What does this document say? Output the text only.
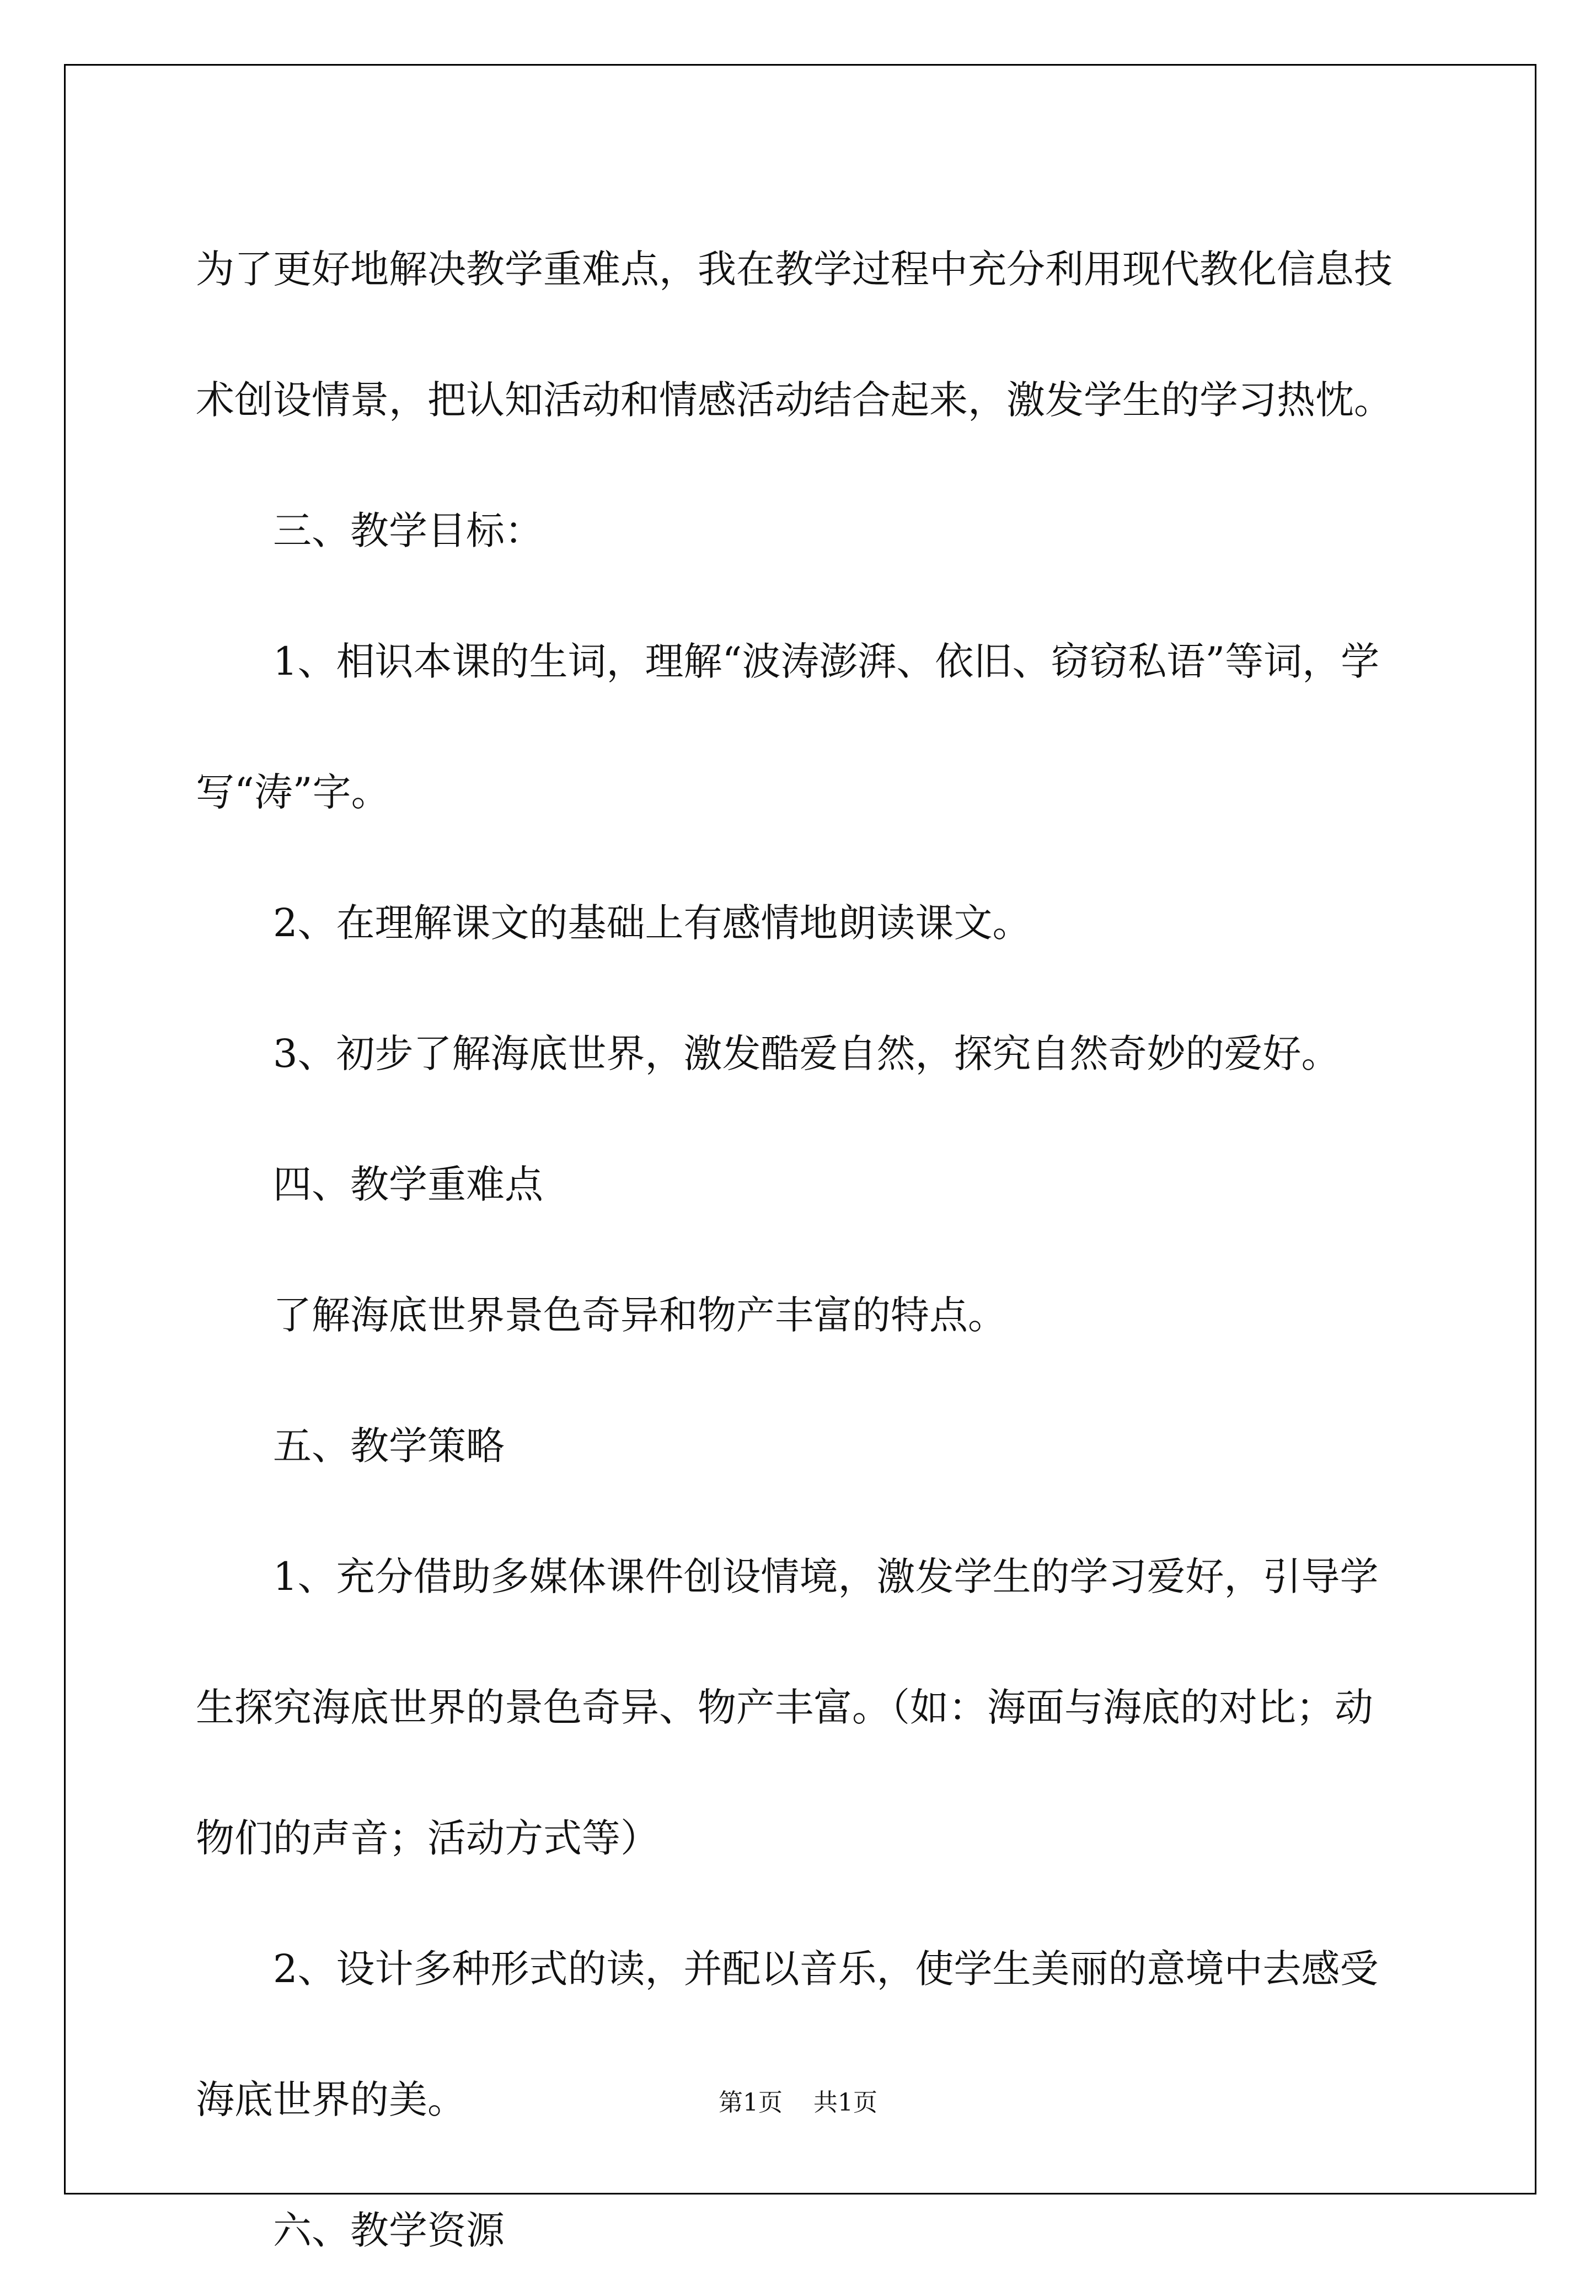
为了更好地解决教学重难点，我在教学过程中充分利用现代教化信息技术创设情景，把认知活动和情感活动结合起来，激发学生的学习热忱。

三、教学目标：

1、相识本课的生词，理解“波涛澎湃、依旧、窃窃私语”等词，学写“涛”字。

2、在理解课文的基础上有感情地朗读课文。

3、初步了解海底世界，激发酷爱自然，探究自然奇妙的爱好。

四、教学重难点

了解海底世界景色奇异和物产丰富的特点。

五、教学策略

1、充分借助多媒体课件创设情境，激发学生的学习爱好，引导学生探究海底世界的景色奇异、物产丰富。（如：海面与海底的对比；动物们的声音；活动方式等）

2、设计多种形式的读，并配以音乐，使学生美丽的意境中去感受海底世界的美。

六、教学资源

第1页    共1页
